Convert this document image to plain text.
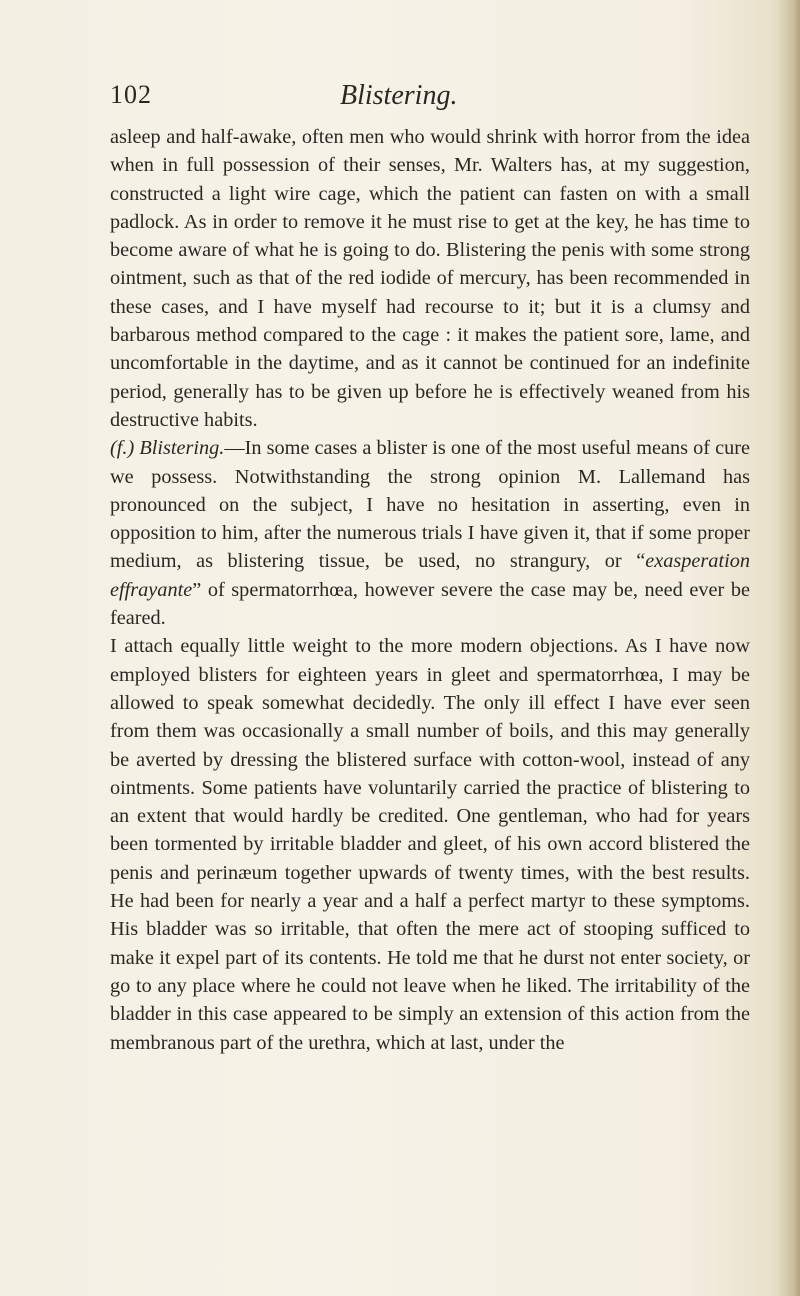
102	Blistering.

asleep and half-awake, often men who would shrink with horror from the idea when in full possession of their senses, Mr. Walters has, at my suggestion, constructed a light wire cage, which the patient can fasten on with a small padlock. As in order to remove it he must rise to get at the key, he has time to become aware of what he is going to do. Blistering the penis with some strong ointment, such as that of the red iodide of mercury, has been recommended in these cases, and I have myself had recourse to it; but it is a clumsy and barbarous method compared to the cage : it makes the patient sore, lame, and uncomfortable in the daytime, and as it cannot be continued for an indefinite period, generally has to be given up before he is effectively weaned from his destructive habits.

(f.) Blistering.—In some cases a blister is one of the most useful means of cure we possess. Notwithstanding the strong opinion M. Lallemand has pronounced on the subject, I have no hesitation in asserting, even in opposition to him, after the numerous trials I have given it, that if some proper medium, as blistering tissue, be used, no strangury, or “exasperation effrayante” of spermatorrhœa, however severe the case may be, need ever be feared.

I attach equally little weight to the more modern objections. As I have now employed blisters for eighteen years in gleet and spermatorrhœa, I may be allowed to speak somewhat decidedly. The only ill effect I have ever seen from them was occasionally a small number of boils, and this may generally be averted by dressing the blistered surface with cotton-wool, instead of any ointments. Some patients have voluntarily carried the practice of blistering to an extent that would hardly be credited. One gentleman, who had for years been tormented by irritable bladder and gleet, of his own accord blistered the penis and perinæum together upwards of twenty times, with the best results. He had been for nearly a year and a half a perfect martyr to these symptoms. His bladder was so irritable, that often the mere act of stooping sufficed to make it expel part of its contents. He told me that he durst not enter society, or go to any place where he could not leave when he liked. The irritability of the bladder in this case appeared to be simply an extension of this action from the membranous part of the urethra, which at last, under the
